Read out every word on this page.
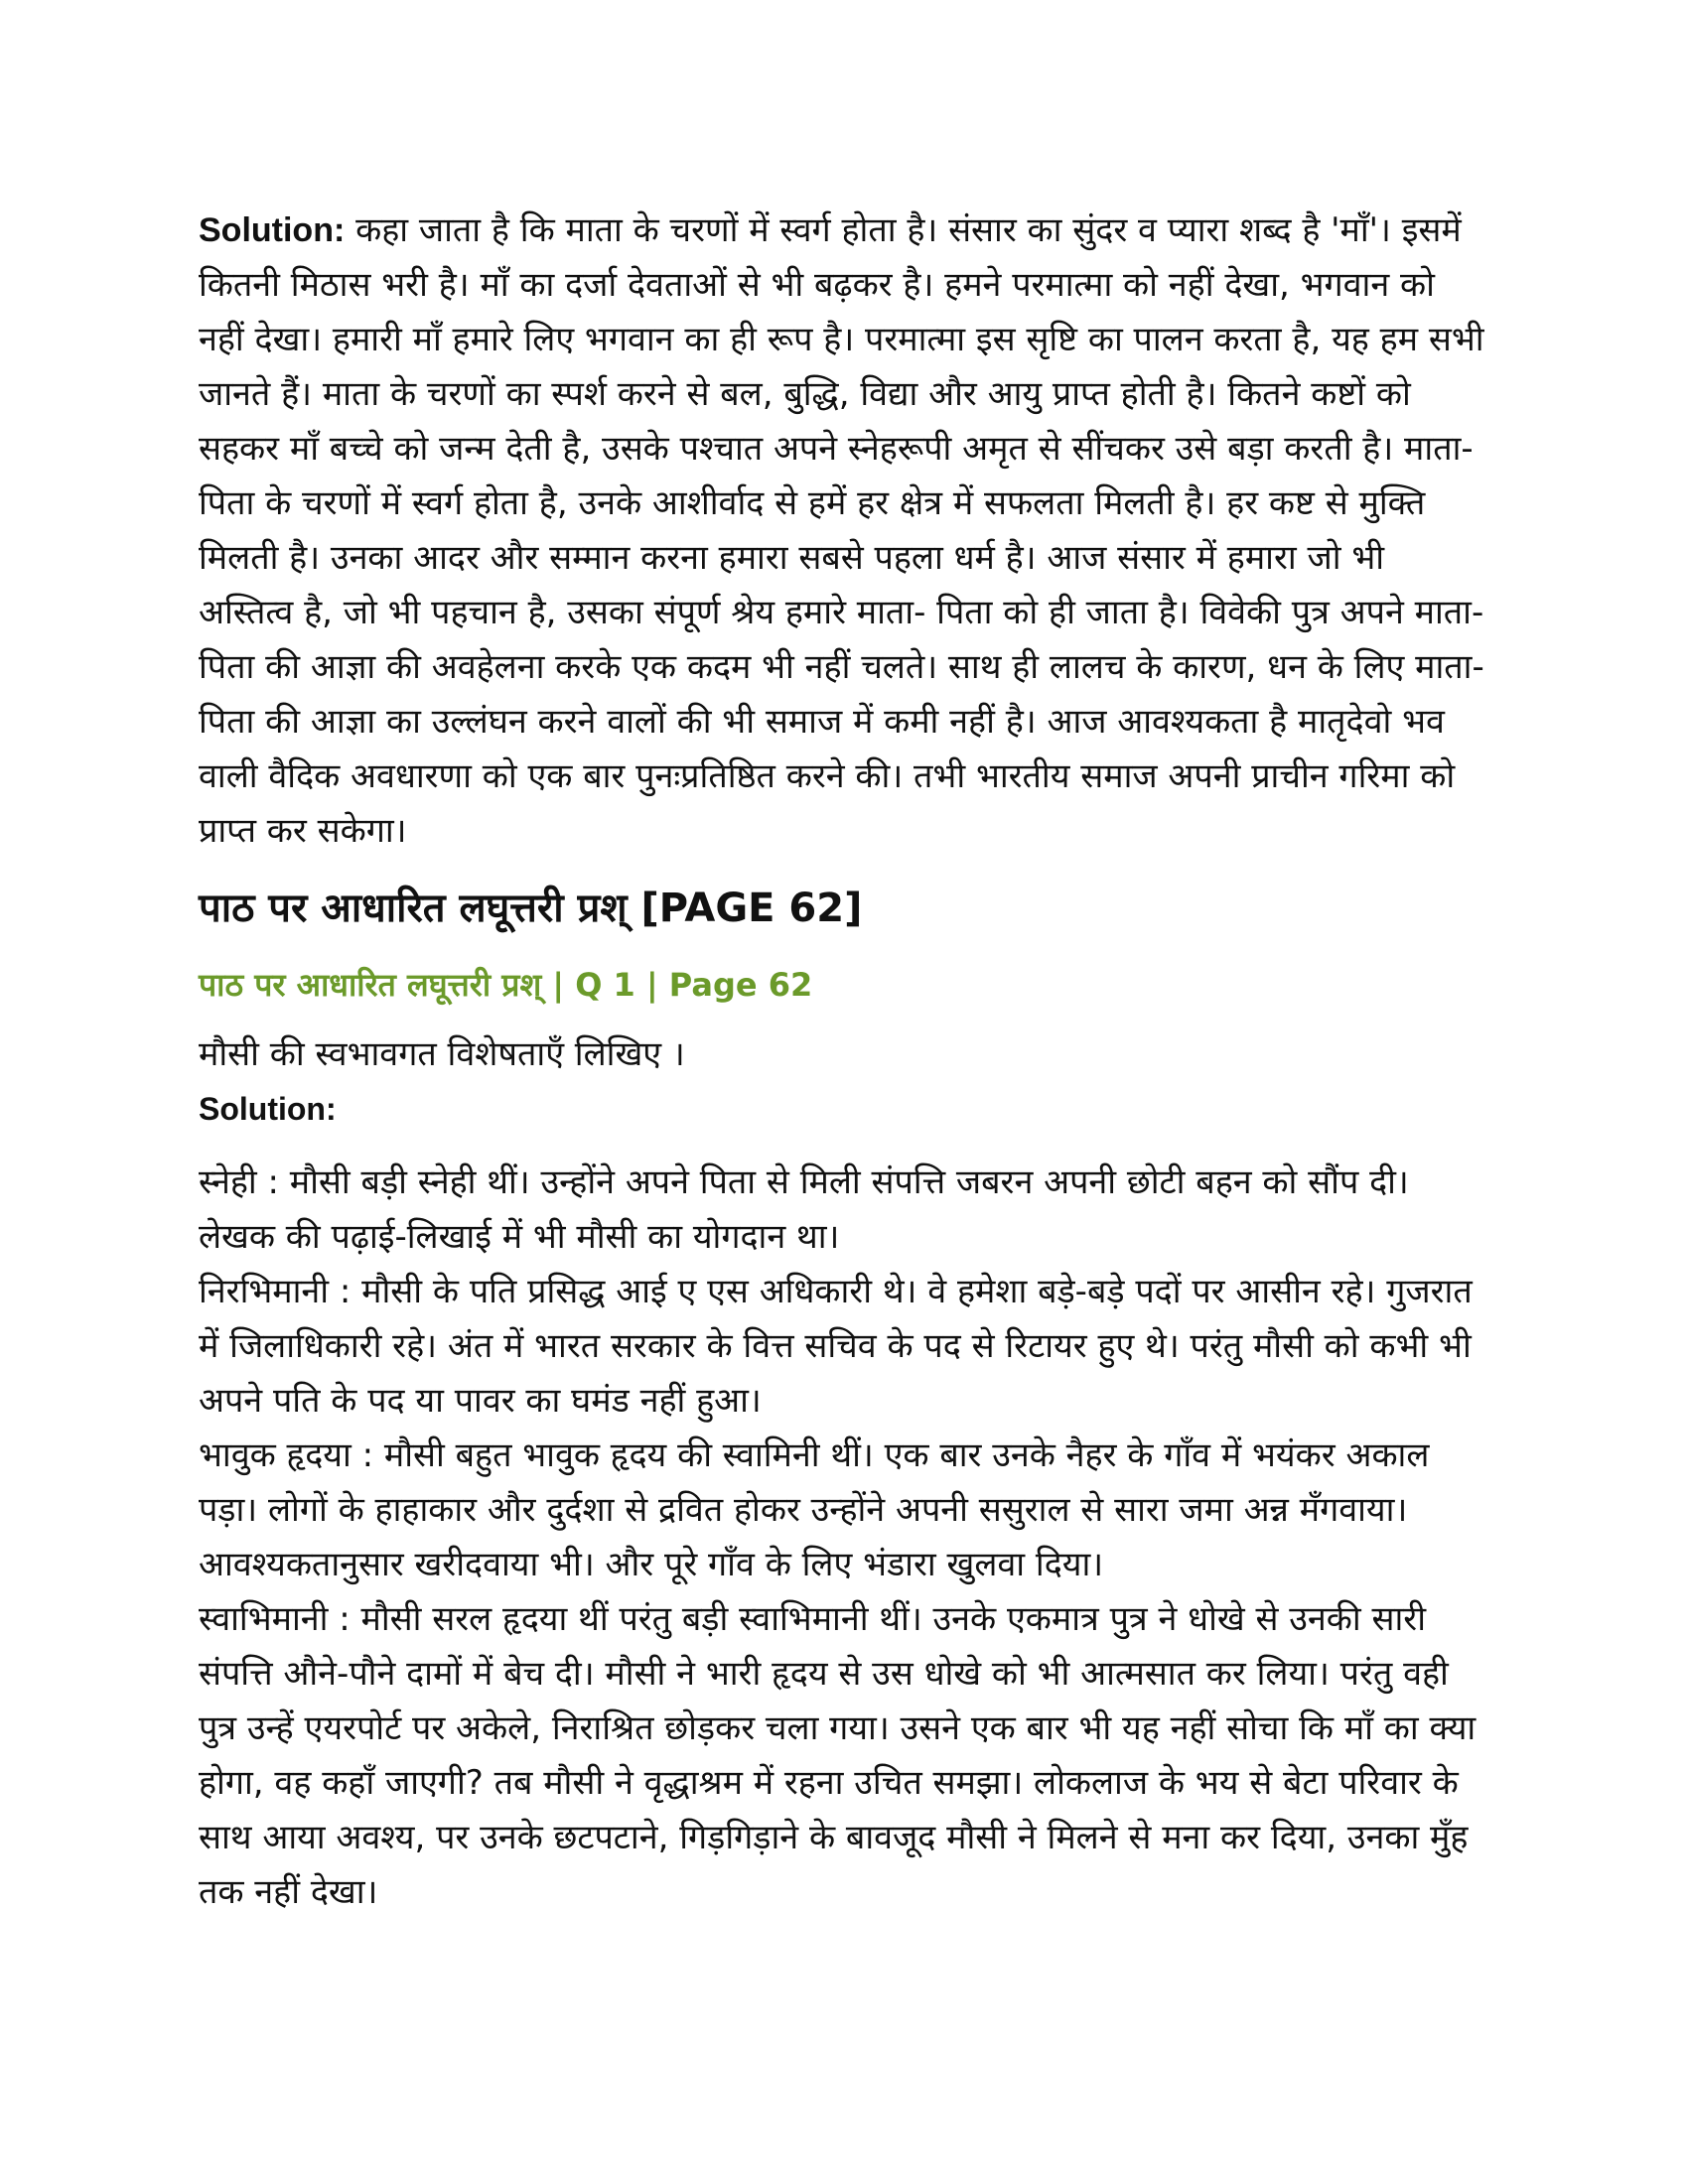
Solution: कहा जाता है कि माता के चरणों में स्वर्ग होता है। संसार का सुंदर व प्यारा शब्द है 'माँ'। इसमें कितनी मिठास भरी है। माँ का दर्जा देवताओं से भी बढ़कर है। हमने परमात्मा को नहीं देखा, भगवान को नहीं देखा। हमारी माँ हमारे लिए भगवान का ही रूप है। परमात्मा इस सृष्टि का पालन करता है, यह हम सभी जानते हैं। माता के चरणों का स्पर्श करने से बल, बुद्धि, विद्या और आयु प्राप्त होती है। कितने कष्टों को सहकर माँ बच्चे को जन्म देती है, उसके पश्चात अपने स्नेहरूपी अमृत से सींचकर उसे बड़ा करती है। माता- पिता के चरणों में स्वर्ग होता है, उनके आशीर्वाद से हमें हर क्षेत्र में सफलता मिलती है। हर कष्ट से मुक्ति मिलती है। उनका आदर और सम्मान करना हमारा सबसे पहला धर्म है। आज संसार में हमारा जो भी अस्तित्व है, जो भी पहचान है, उसका संपूर्ण श्रेय हमारे माता- पिता को ही जाता है। विवेकी पुत्र अपने माता-पिता की आज्ञा की अवहेलना करके एक कदम भी नहीं चलते। साथ ही लालच के कारण, धन के लिए माता-पिता की आज्ञा का उल्लंघन करने वालों की भी समाज में कमी नहीं है। आज आवश्यकता है मातृदेवो भव वाली वैदिक अवधारणा को एक बार पुनःप्रतिष्ठित करने की। तभी भारतीय समाज अपनी प्राचीन गरिमा को प्राप्त कर सकेगा।

पाठ पर आधारित लघूत्तरी प्रश् [PAGE 62]
पाठ पर आधारित लघूत्तरी प्रश् | Q 1 | Page 62

मौसी की स्वभावगत विशेषताएँ लिखिए ।

Solution:

स्नेही : मौसी बड़ी स्नेही थीं। उन्होंने अपने पिता से मिली संपत्ति जबरन अपनी छोटी बहन को सौंप दी। लेखक की पढ़ाई-लिखाई में भी मौसी का योगदान था।

निरभिमानी : मौसी के पति प्रसिद्ध आई ए एस अधिकारी थे। वे हमेशा बड़े-बड़े पदों पर आसीन रहे। गुजरात में जिलाधिकारी रहे। अंत में भारत सरकार के वित्त सचिव के पद से रिटायर हुए थे। परंतु मौसी को कभी भी अपने पति के पद या पावर का घमंड नहीं हुआ।

भावुक हृदया : मौसी बहुत भावुक हृदय की स्वामिनी थीं। एक बार उनके नैहर के गाँव में भयंकर अकाल पड़ा। लोगों के हाहाकार और दुर्दशा से द्रवित होकर उन्होंने अपनी ससुराल से सारा जमा अन्न मँगवाया। आवश्यकतानुसार खरीदवाया भी। और पूरे गाँव के लिए भंडारा खुलवा दिया।

स्वाभिमानी : मौसी सरल हृदया थीं परंतु बड़ी स्वाभिमानी थीं। उनके एकमात्र पुत्र ने धोखे से उनकी सारी संपत्ति औने-पौने दामों में बेच दी। मौसी ने भारी हृदय से उस धोखे को भी आत्मसात कर लिया। परंतु वही पुत्र उन्हें एयरपोर्ट पर अकेले, निराश्रित छोड़कर चला गया। उसने एक बार भी यह नहीं सोचा कि माँ का क्या होगा, वह कहाँ जाएगी? तब मौसी ने वृद्धाश्रम में रहना उचित समझा। लोकलाज के भय से बेटा परिवार के साथ आया अवश्य, पर उनके छटपटाने, गिड़गिड़ाने के बावजूद मौसी ने मिलने से मना कर दिया, उनका मुँह तक नहीं देखा।
